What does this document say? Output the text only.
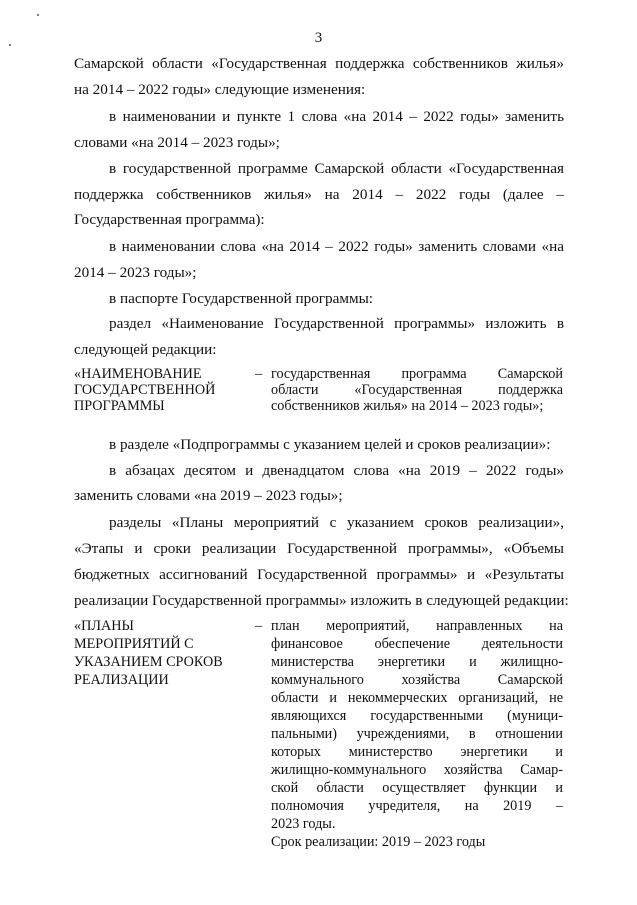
3
Самарской области «Государственная поддержка собственников жилья»
на 2014 – 2022 годы» следующие изменения:
в наименовании и пункте 1 слова «на 2014 – 2022 годы» заменить
словами «на 2014 – 2023 годы»;
в государственной программе Самарской области «Государственная
поддержка собственников жилья» на 2014 – 2022 годы (далее –
Государственная программа):
в наименовании слова «на 2014 – 2022 годы» заменить словами «на
2014 – 2023 годы»;
в паспорте Государственной программы:
раздел «Наименование Государственной программы» изложить в
следующей редакции:
«НАИМЕНОВАНИЕ
ГОСУДАРСТВЕННОЙ
ПРОГРАММЫ
– государственная программа Самарской
области «Государственная поддержка
собственников жилья» на 2014 – 2023 годы»;
в разделе «Подпрограммы с указанием целей и сроков реализации»:
в абзацах десятом и двенадцатом слова «на 2019 – 2022 годы»
заменить словами «на 2019 – 2023 годы»;
разделы «Планы мероприятий с указанием сроков реализации»,
«Этапы и сроки реализации Государственной программы», «Объемы
бюджетных ассигнований Государственной программы» и «Результаты
реализации Государственной программы» изложить в следующей редакции:
«ПЛАНЫ
МЕРОПРИЯТИЙ С
УКАЗАНИЕМ СРОКОВ
РЕАЛИЗАЦИИ
– план мероприятий, направленных на
финансовое обеспечение деятельности
министерства энергетики и жилищно-
коммунального хозяйства Самарской
области и некоммерческих организаций, не
являющихся государственными (муници-
пальными) учреждениями, в отношении
которых министерство энергетики и
жилищно-коммунального хозяйства Самар-
ской области осуществляет функции и
полномочия учредителя, на 2019 –
2023 годы.
Срок реализации: 2019 – 2023 годы
